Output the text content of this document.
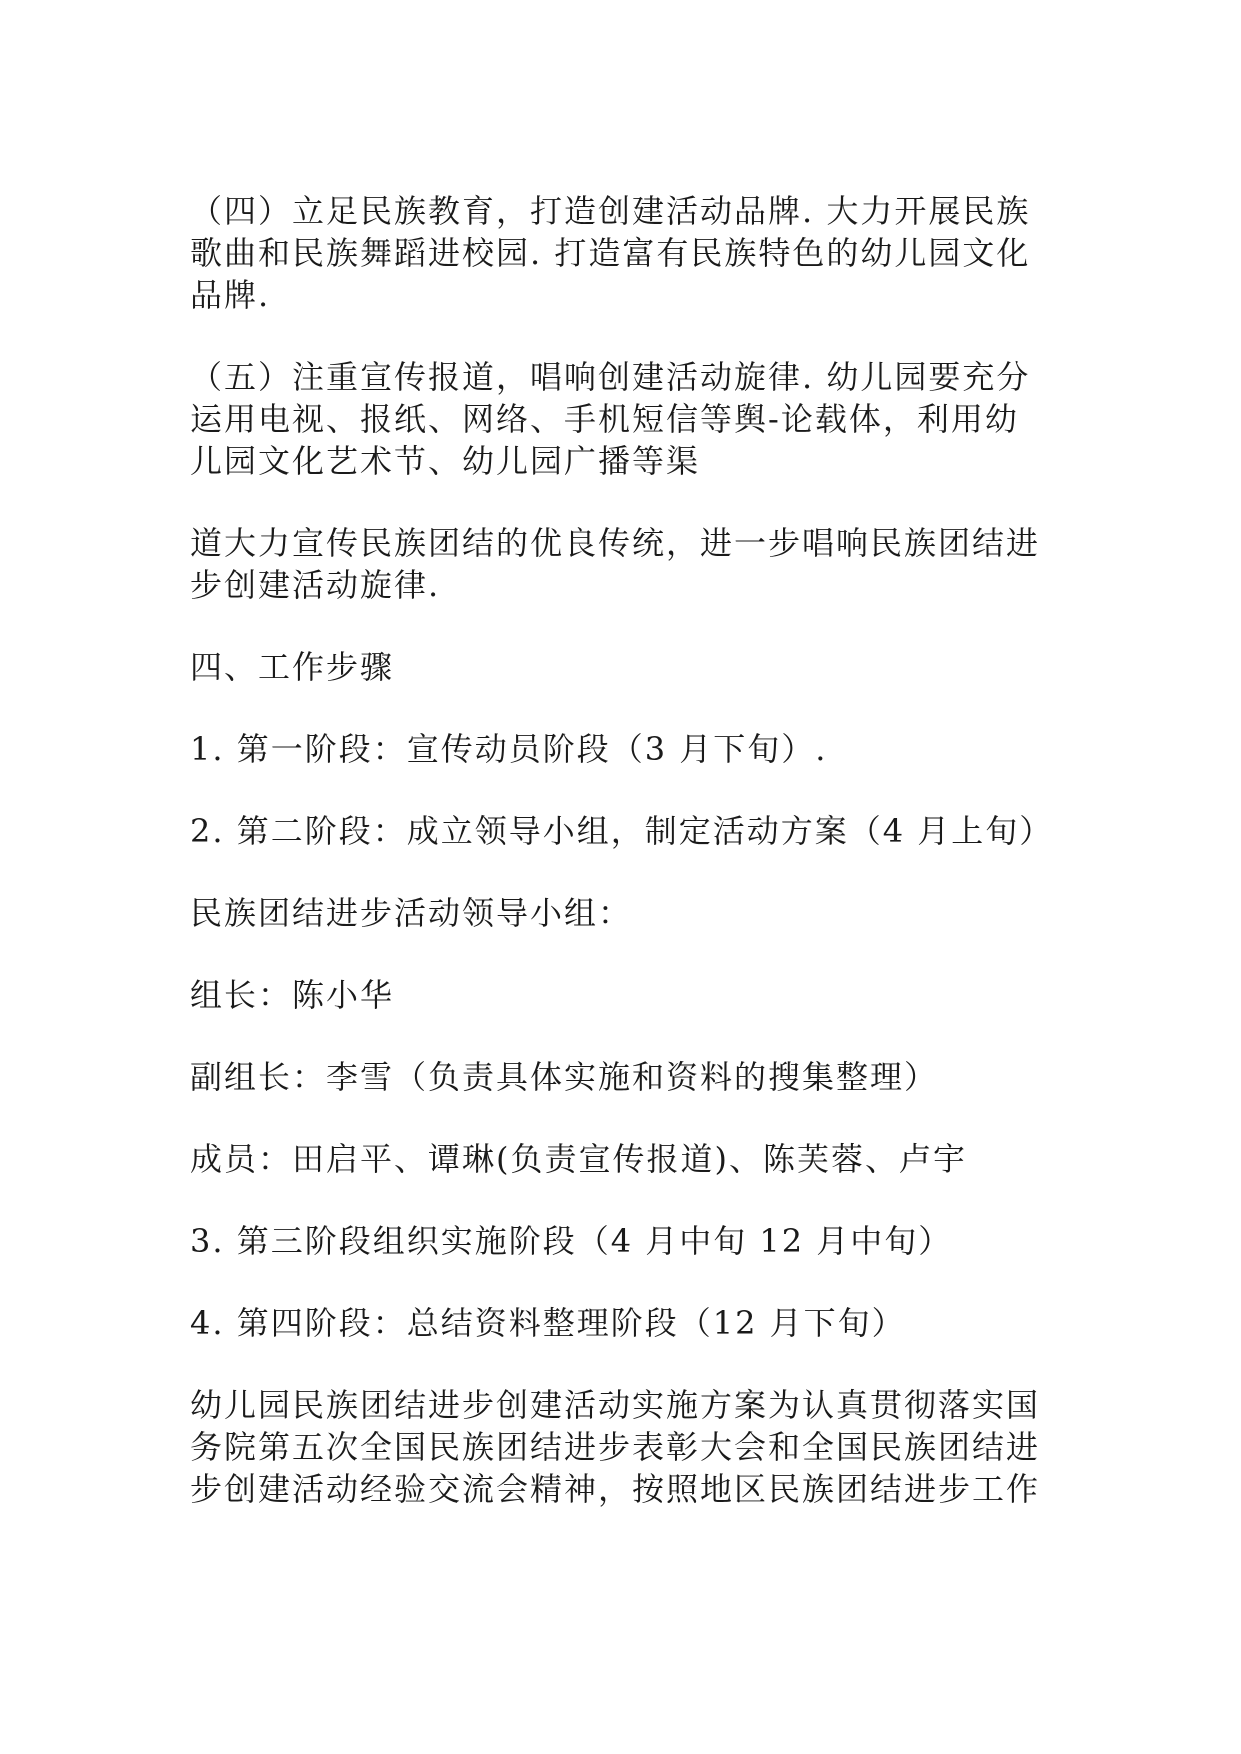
（四）立足民族教育，打造创建活动品牌. 大力开展民族歌曲和民族舞蹈进校园. 打造富有民族特色的幼儿园文化品牌.

（五）注重宣传报道，唱响创建活动旋律. 幼儿园要充分运用电视、报纸、网络、手机短信等舆-论载体，利用幼儿园文化艺术节、幼儿园广播等渠

道大力宣传民族团结的优良传统，进一步唱响民族团结进步创建活动旋律.

四、工作步骤

1. 第一阶段：宣传动员阶段（3 月下旬）.

2. 第二阶段：成立领导小组，制定活动方案（4 月上旬）

民族团结进步活动领导小组：

组长：陈小华

副组长：李雪（负责具体实施和资料的搜集整理）

成员：田启平、谭琳(负责宣传报道)、陈芙蓉、卢宇

3. 第三阶段组织实施阶段（4 月中旬 12 月中旬）

4. 第四阶段：总结资料整理阶段（12 月下旬）

幼儿园民族团结进步创建活动实施方案为认真贯彻落实国务院第五次全国民族团结进步表彰大会和全国民族团结进步创建活动经验交流会精神，按照地区民族团结进步工作
